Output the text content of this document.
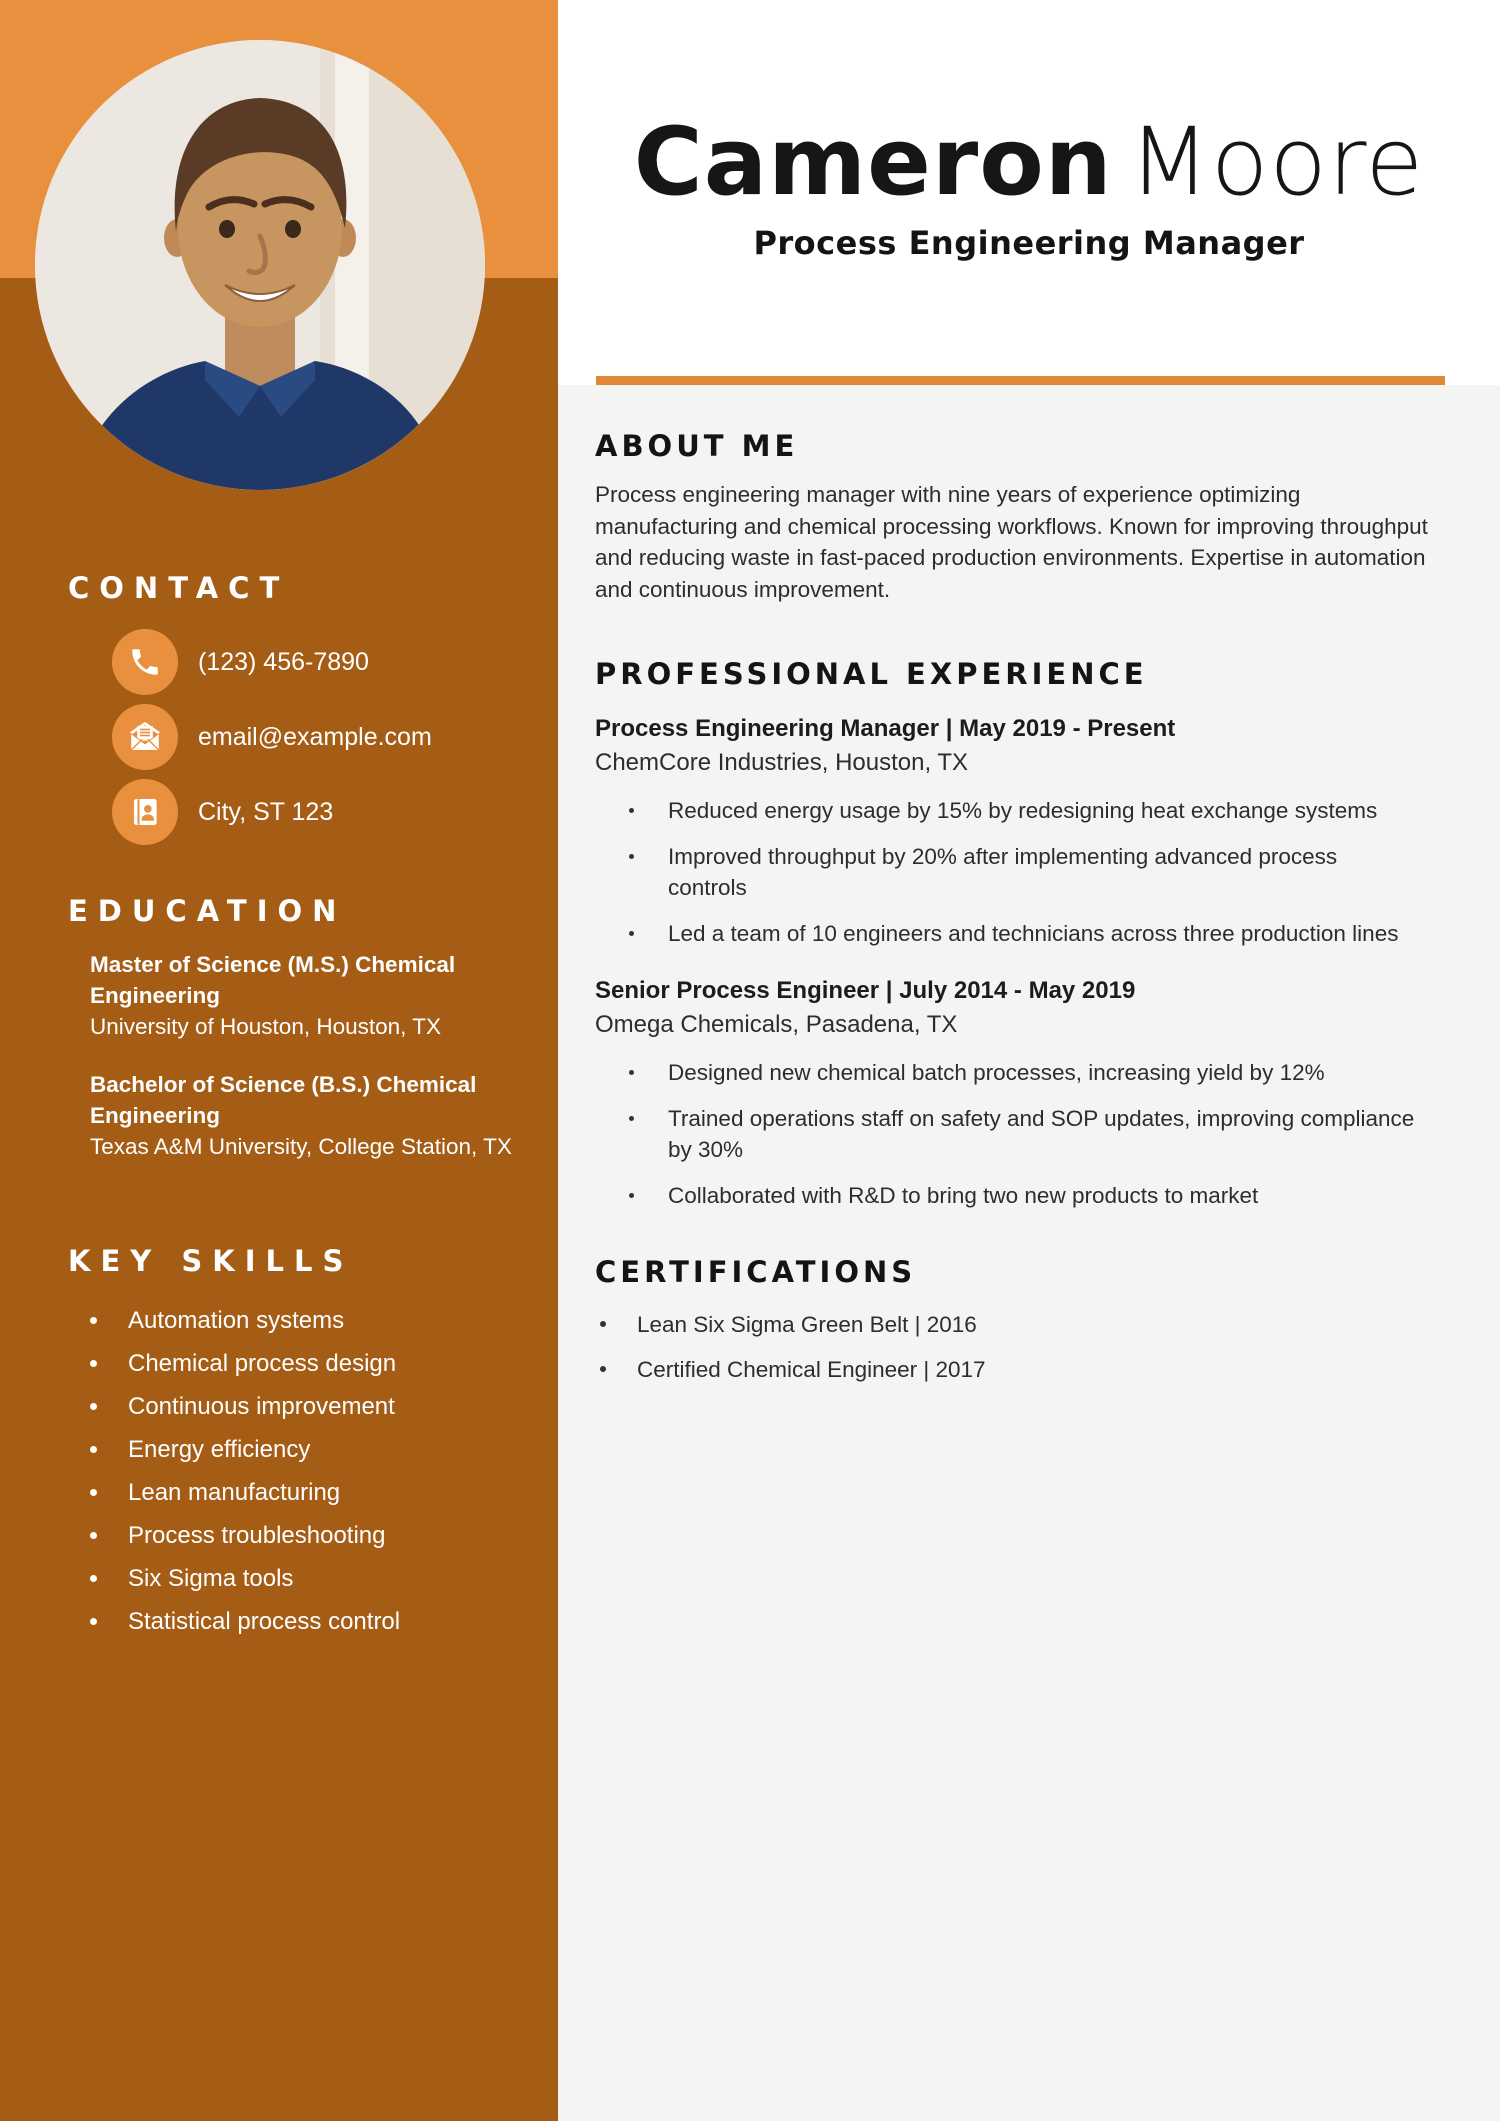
CONTACT
(123) 456-7890
email@example.com
City, ST 123
EDUCATION
Master of Science (M.S.) Chemical Engineering
University of Houston, Houston, TX
Bachelor of Science (B.S.) Chemical Engineering
Texas A&M University, College Station, TX
KEY SKILLS
Automation systems
Chemical process design
Continuous improvement
Energy efficiency
Lean manufacturing
Process troubleshooting
Six Sigma tools
Statistical process control
Cameron Moore
Process Engineering Manager
ABOUT ME

Process engineering manager with nine years of experience optimizing manufacturing and chemical processing workflows. Known for improving throughput and reducing waste in fast-paced production environments. Expertise in automation and continuous improvement.

PROFESSIONAL EXPERIENCE
Process Engineering Manager | May 2019 - Present
ChemCore Industries, Houston, TX
Reduced energy usage by 15% by redesigning heat exchange systems
Improved throughput by 20% after implementing advanced process controls
Led a team of 10 engineers and technicians across three production lines
Senior Process Engineer | July 2014 - May 2019
Omega Chemicals, Pasadena, TX
Designed new chemical batch processes, increasing yield by 12%
Trained operations staff on safety and SOP updates, improving compliance by 30%
Collaborated with R&D to bring two new products to market
CERTIFICATIONS
Lean Six Sigma Green Belt | 2016
Certified Chemical Engineer | 2017
